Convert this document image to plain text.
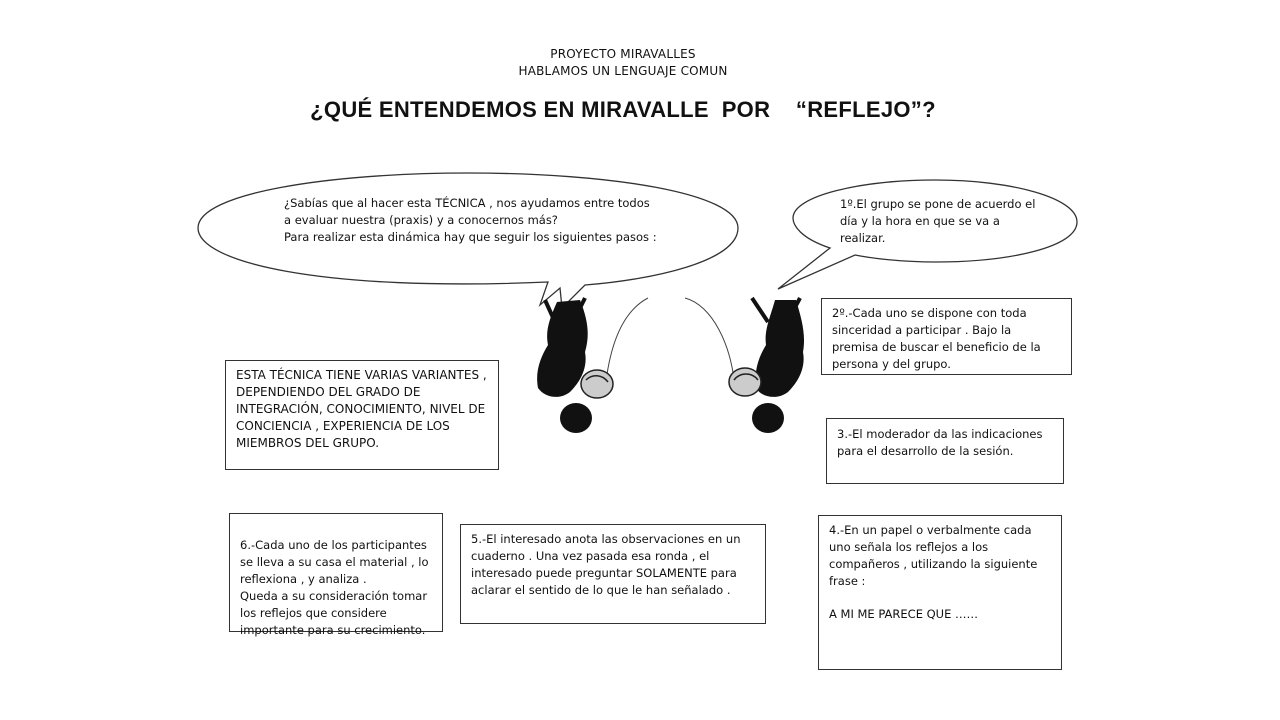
PROYECTO MIRAVALLES
HABLAMOS UN LENGUAJE COMUN
¿QUÉ ENTENDEMOS EN MIRAVALLE  POR    “REFLEJO”?
¿Sabías que al hacer esta TÉCNICA , nos ayudamos entre todos
a evaluar nuestra (praxis) y a conocernos más?
Para realizar esta dinámica hay que seguir los siguientes pasos :
1º.El grupo se pone de acuerdo el
día y la hora en que se va a
realizar.
ESTA TÉCNICA TIENE VARIAS VARIANTES , DEPENDIENDO DEL GRADO DE INTEGRACIÓN, CONOCIMIENTO, NIVEL DE CONCIENCIA , EXPERIENCIA DE LOS MIEMBROS DEL GRUPO.
2º.-Cada uno se dispone con toda sinceridad a participar . Bajo la premisa de buscar el beneficio de la persona y del grupo.
3.-El moderador da las indicaciones para el desarrollo de la sesión.
4.-En un papel o verbalmente cada uno señala los reflejos a los compañeros , utilizando la siguiente frase :
A MI ME PARECE QUE ……
5.-El interesado anota las observaciones en un cuaderno . Una vez pasada esa ronda , el interesado puede preguntar SOLAMENTE para aclarar el sentido de lo que le han señalado .

6.-Cada uno de los participantes se lleva a su casa el material , lo reflexiona , y analiza .
Queda a su consideración tomar los reflejos que considere importante para su crecimiento.
